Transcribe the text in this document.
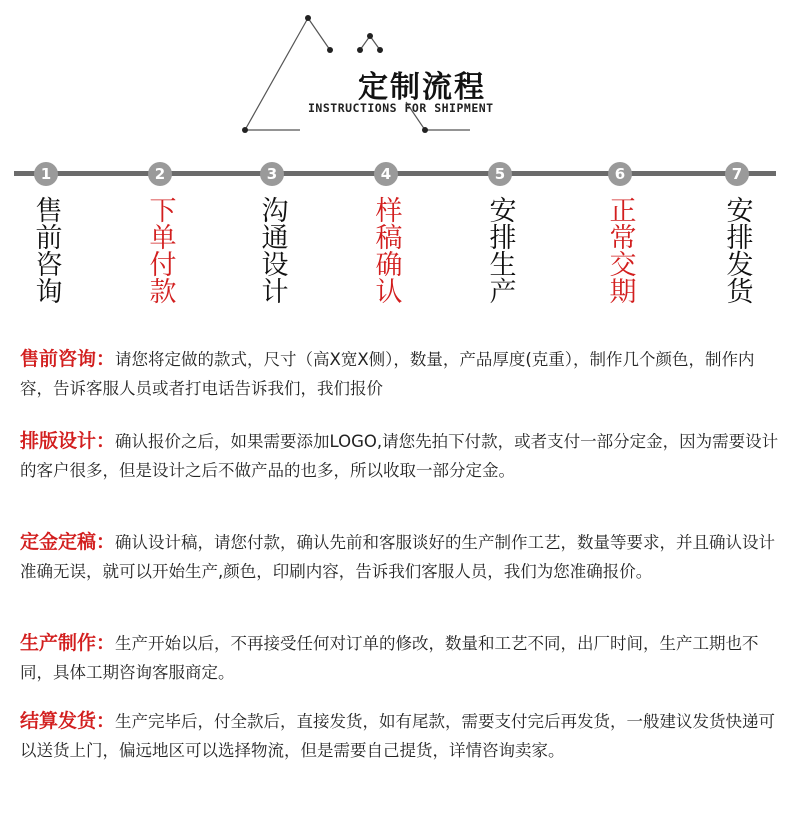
定制流程
INSTRUCTIONS FOR SHIPMENT
1
售前咨询
2
下单付款
3
沟通设计
4
样稿确认
5
安排生产
6
正常交期
7
安排发货

售前咨询：请您将定做的款式，尺寸（高X宽X侧），数量，产品厚度(克重），制作几个颜色，制作内容，告诉客服人员或者打电话告诉我们，我们报价

排版设计：确认报价之后，如果需要添加LOGO,请您先拍下付款，或者支付一部分定金，因为需要设计的客户很多，但是设计之后不做产品的也多，所以收取一部分定金。

定金定稿：确认设计稿，请您付款，确认先前和客服谈好的生产制作工艺，数量等要求，并且确认设计准确无误，就可以开始生产,颜色，印刷内容，告诉我们客服人员，我们为您准确报价。

生产制作：生产开始以后，不再接受任何对订单的修改，数量和工艺不同，出厂时间，生产工期也不同，具体工期咨询客服商定。

结算发货：生产完毕后，付全款后，直接发货，如有尾款，需要支付完后再发货，一般建议发货快递可以送货上门，偏远地区可以选择物流，但是需要自己提货，详情咨询卖家。
